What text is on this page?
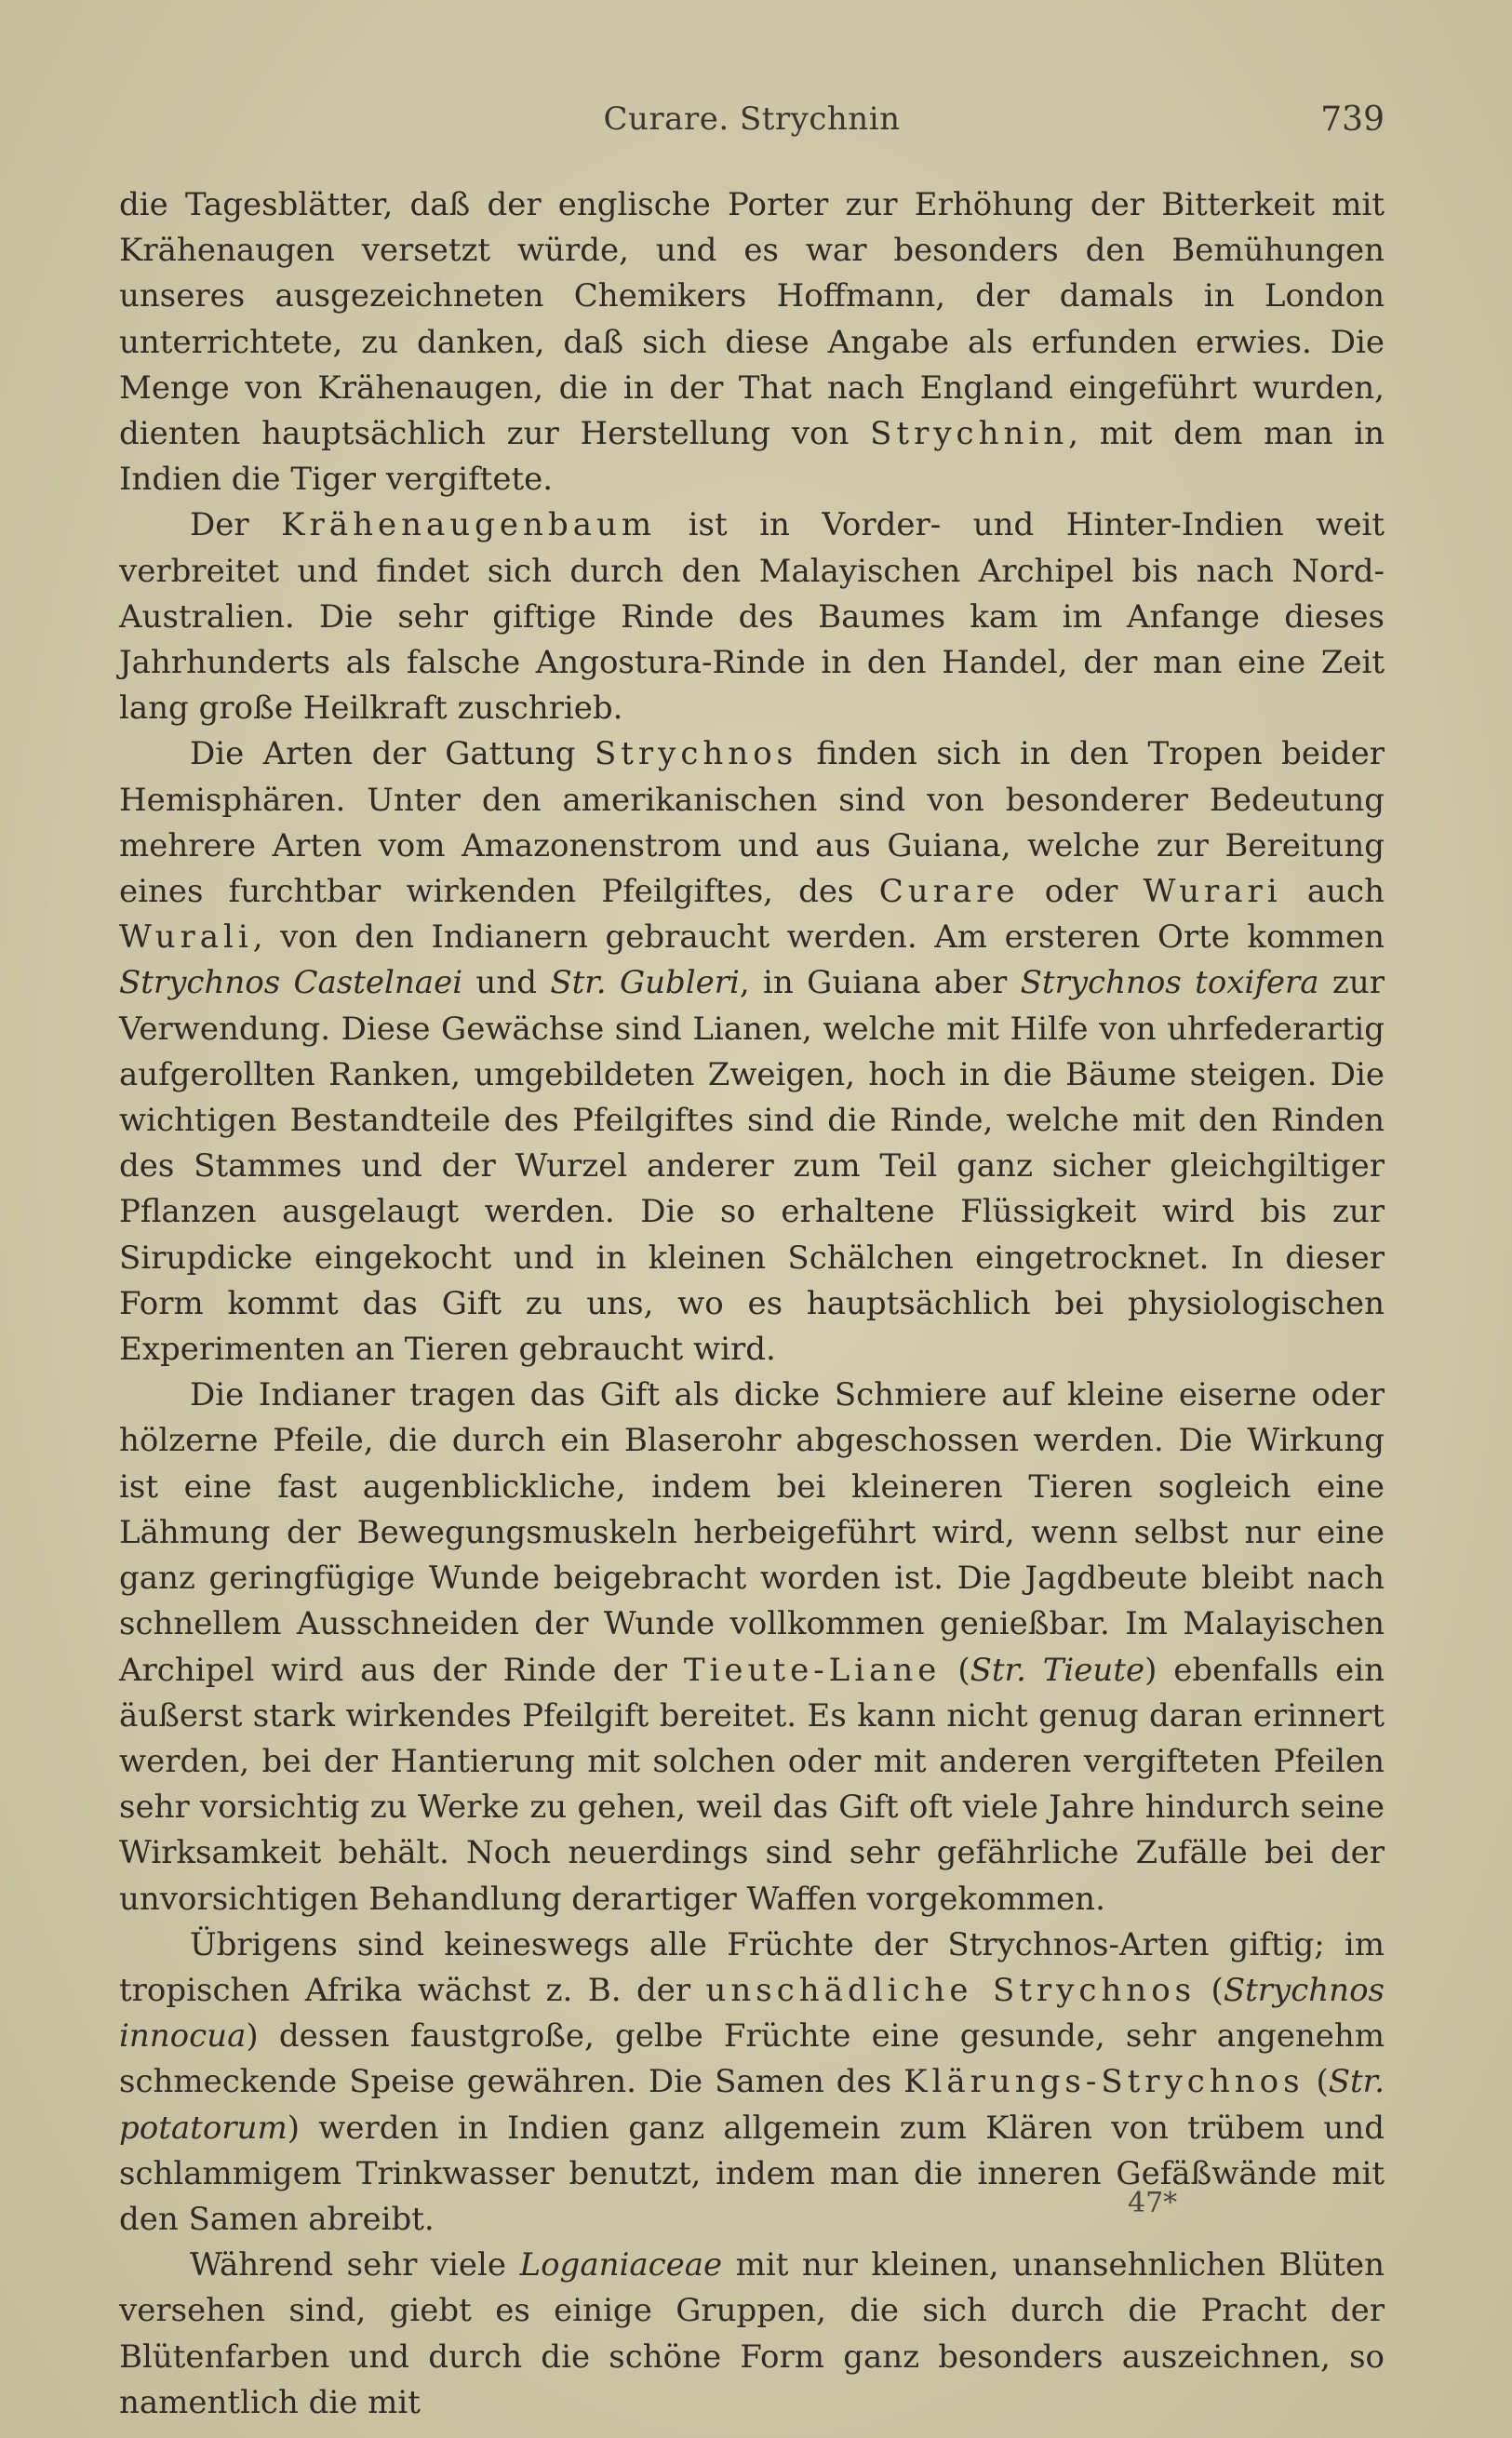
Curare. Strychnin	739

die Tagesblätter, daß der englische Porter zur Erhöhung der Bitterkeit mit Krähenaugen versetzt würde, und es war besonders den Bemühungen unseres ausgezeichneten Chemikers Hoffmann, der damals in London unterrichtete, zu danken, daß sich diese Angabe als erfunden erwies. Die Menge von Krähenaugen, die in der That nach England eingeführt wurden, dienten hauptsächlich zur Herstellung von Strychnin, mit dem man in Indien die Tiger vergiftete.

Der Krähenaugenbaum ist in Vorder- und Hinter-Indien weit verbreitet und findet sich durch den Malayischen Archipel bis nach Nord-Australien. Die sehr giftige Rinde des Baumes kam im Anfange dieses Jahrhunderts als falsche Angostura-Rinde in den Handel, der man eine Zeit lang große Heilkraft zuschrieb.

Die Arten der Gattung Strychnos finden sich in den Tropen beider Hemisphären. Unter den amerikanischen sind von besonderer Bedeutung mehrere Arten vom Amazonenstrom und aus Guiana, welche zur Bereitung eines furchtbar wirkenden Pfeilgiftes, des Curare oder Wurari auch Wurali, von den Indianern gebraucht werden. Am ersteren Orte kommen Strychnos Castelnaei und Str. Gubleri, in Guiana aber Strychnos toxifera zur Verwendung. Diese Gewächse sind Lianen, welche mit Hilfe von uhrfederartig aufgerollten Ranken, umgebildeten Zweigen, hoch in die Bäume steigen. Die wichtigen Bestandteile des Pfeilgiftes sind die Rinde, welche mit den Rinden des Stammes und der Wurzel anderer zum Teil ganz sicher gleichgiltiger Pflanzen ausgelaugt werden. Die so erhaltene Flüssigkeit wird bis zur Sirupdicke eingekocht und in kleinen Schälchen eingetrocknet. In dieser Form kommt das Gift zu uns, wo es hauptsächlich bei physiologischen Experimenten an Tieren gebraucht wird.

Die Indianer tragen das Gift als dicke Schmiere auf kleine eiserne oder hölzerne Pfeile, die durch ein Blaserohr abgeschossen werden. Die Wirkung ist eine fast augenblickliche, indem bei kleineren Tieren sogleich eine Lähmung der Bewegungsmuskeln herbeigeführt wird, wenn selbst nur eine ganz geringfügige Wunde beigebracht worden ist. Die Jagdbeute bleibt nach schnellem Ausschneiden der Wunde vollkommen genießbar. Im Malayischen Archipel wird aus der Rinde der Tieute-Liane (Str. Tieute) ebenfalls ein äußerst stark wirkendes Pfeilgift bereitet. Es kann nicht genug daran erinnert werden, bei der Hantierung mit solchen oder mit anderen vergifteten Pfeilen sehr vorsichtig zu Werke zu gehen, weil das Gift oft viele Jahre hindurch seine Wirksamkeit behält. Noch neuerdings sind sehr gefährliche Zufälle bei der unvorsichtigen Behandlung derartiger Waffen vorgekommen.

Übrigens sind keineswegs alle Früchte der Strychnos-Arten giftig; im tropischen Afrika wächst z. B. der unschädliche Strychnos (Strychnos innocua) dessen faustgroße, gelbe Früchte eine gesunde, sehr angenehm schmeckende Speise gewähren. Die Samen des Klärungs-Strychnos (Str. potatorum) werden in Indien ganz allgemein zum Klären von trübem und schlammigem Trinkwasser benutzt, indem man die inneren Gefäßwände mit den Samen abreibt.

Während sehr viele Loganiaceae mit nur kleinen, unansehnlichen Blüten versehen sind, giebt es einige Gruppen, die sich durch die Pracht der Blütenfarben und durch die schöne Form ganz besonders auszeichnen, so namentlich die mit

47*
